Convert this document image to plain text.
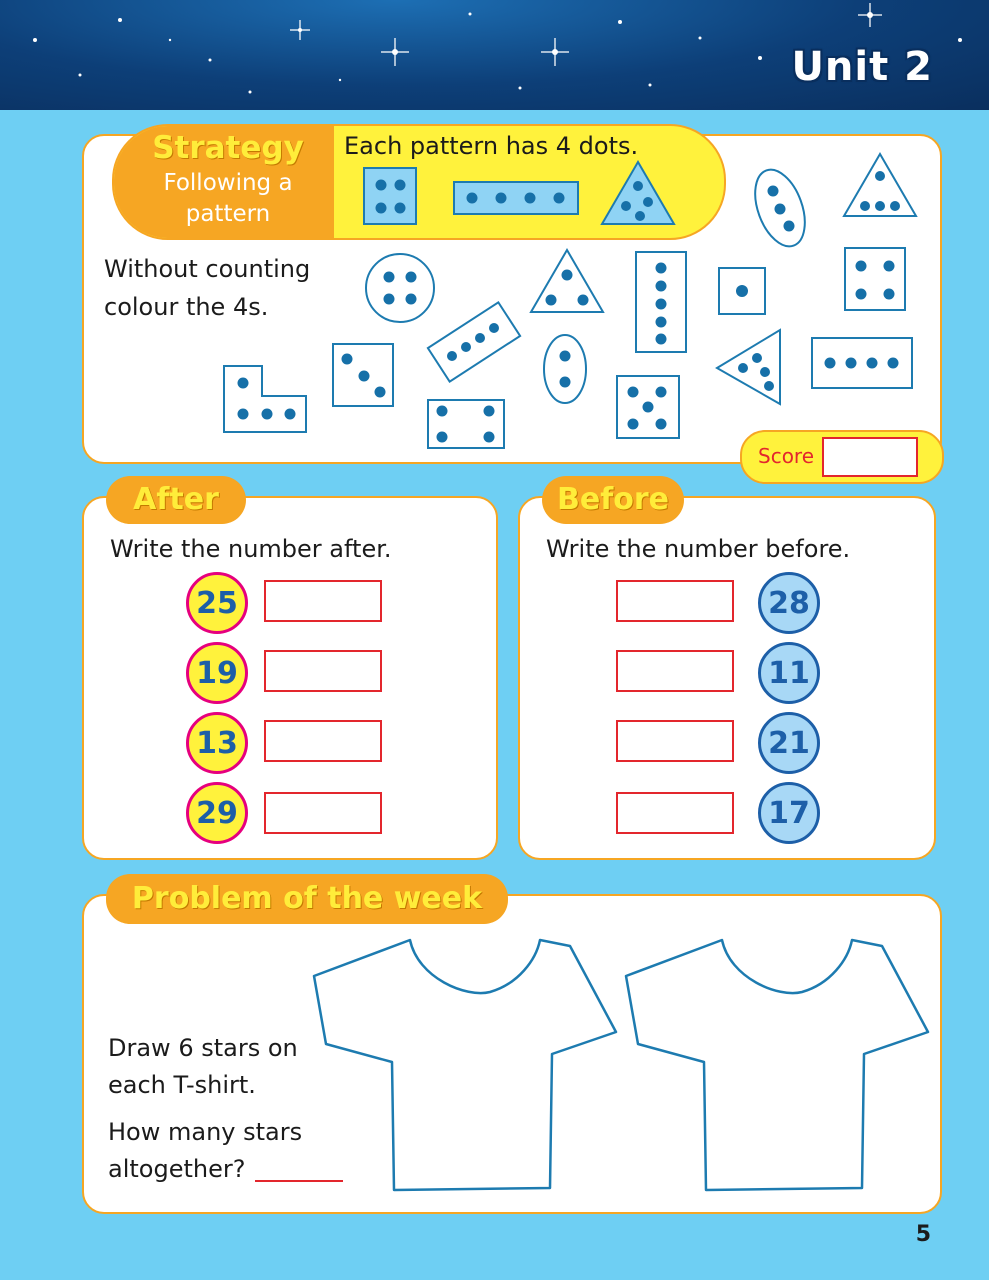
Unit 2
Strategy
Following a
pattern
Each pattern has 4 dots.
Without counting
colour the 4s.
Score
After
Write the number after.
25
19
13
29
Before
Write the number before.
28
11
21
17
Problem of the week
Draw 6 stars on
each T-shirt.
How many stars
altogether?
5
